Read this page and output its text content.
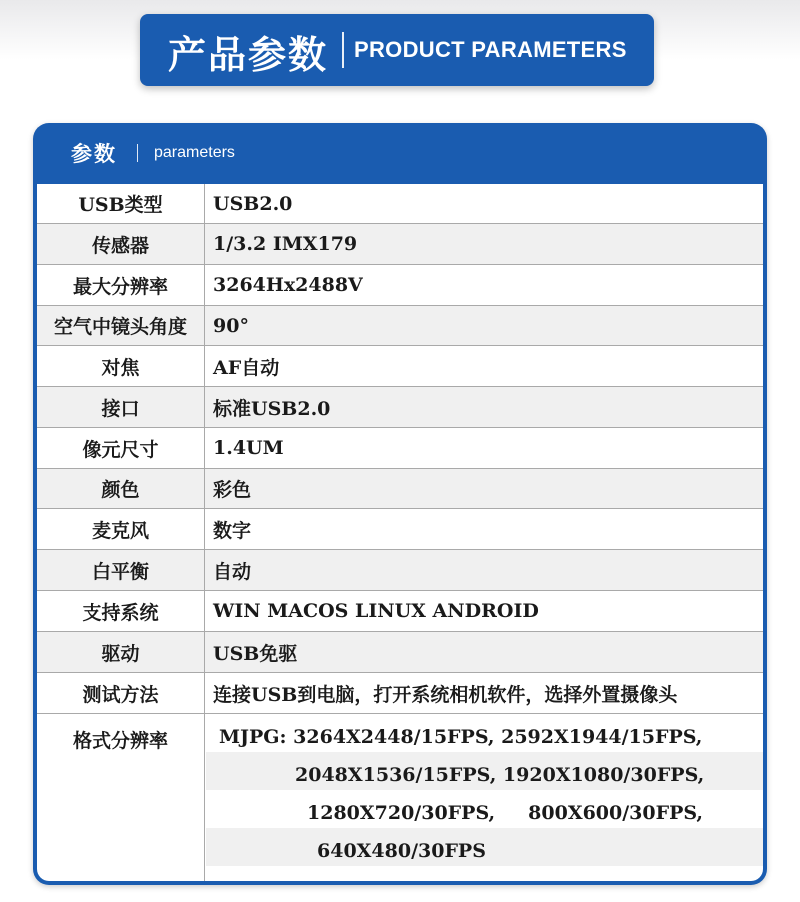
产品参数 PRODUCT PARAMETERS
参数 parameters
USB类型	USB2.0
传感器	1/3.2 IMX179
最大分辨率	3264Hx2488V
空气中镜头角度	90°
对焦	AF自动
接口	标准USB2.0
像元尺寸	1.4UM
颜色	彩色
麦克风	数字
白平衡	自动
支持系统	WIN MACOS LINUX ANDROID
驱动	USB免驱
测试方法	连接USB到电脑，打开系统相机软件，选择外置摄像头
格式分辨率	MJPG: 3264X2448/15FPS, 2592X1944/15FPS,
2048X1536/15FPS, 1920X1080/30FPS,
1280X720/30FPS,     800X600/30FPS,
640X480/30FPS
